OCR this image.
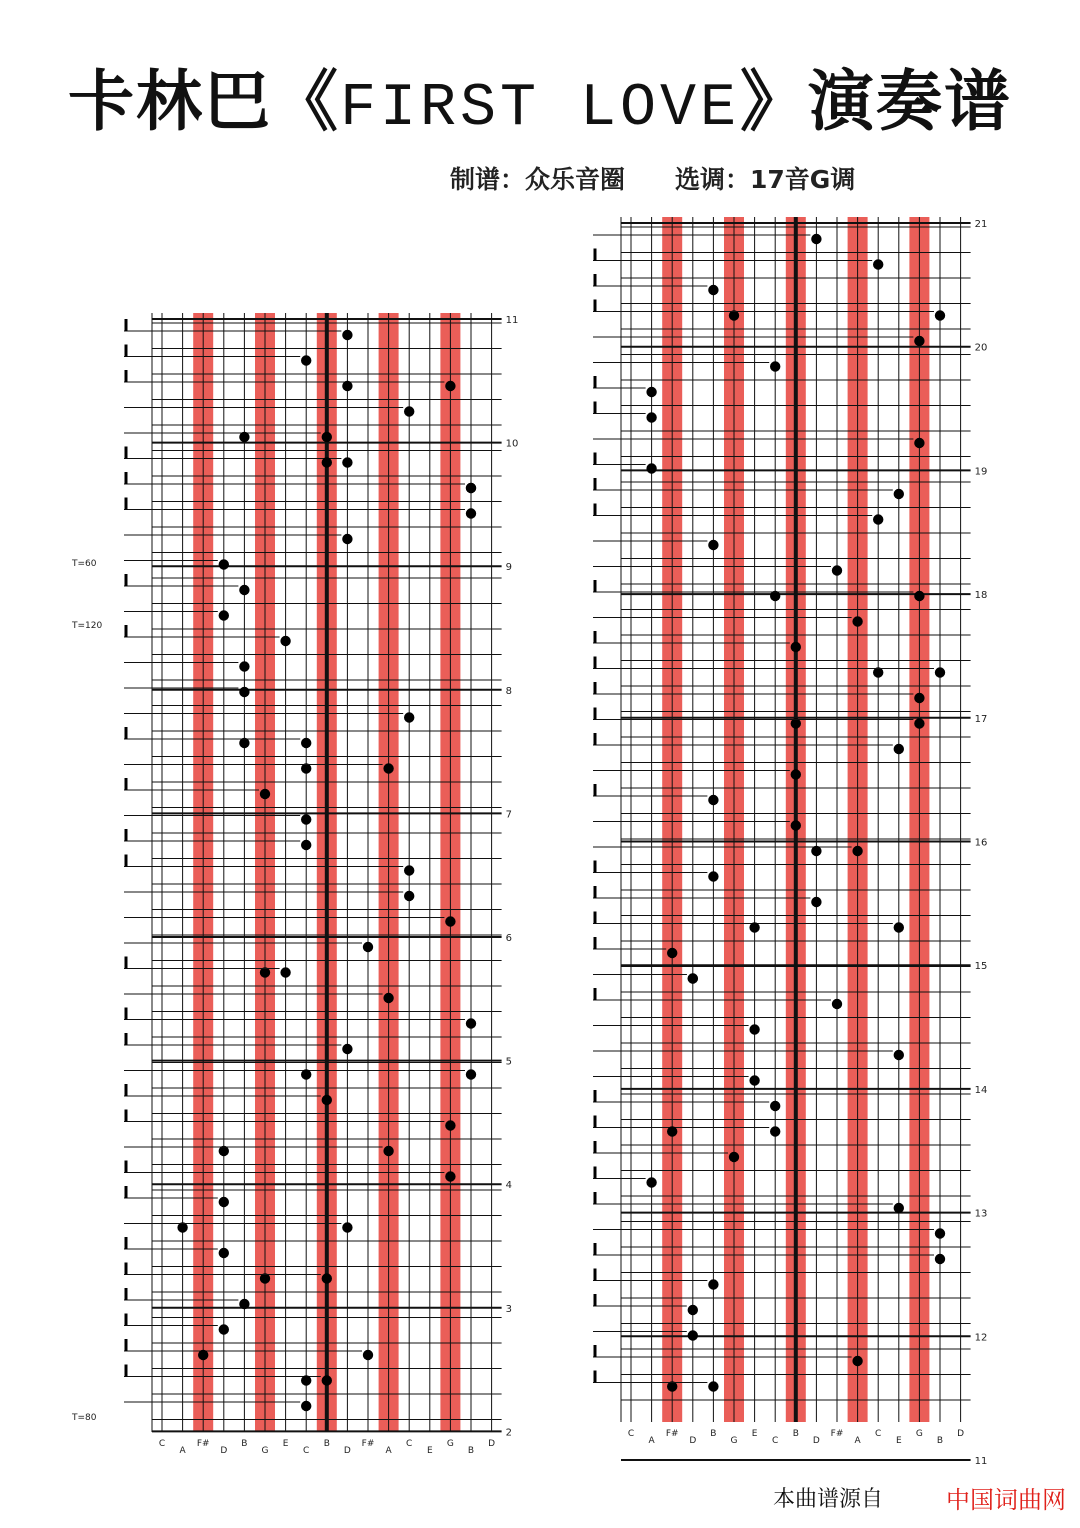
卡林巴《FIRST LOVE》演奏谱
制谱：众乐音圈 选调：17音G调
11
10
9
8
7
6
5
4
3
2
C
A
F#
D
B
G
E
C
B
D
F#
A
C
E
G
B
D
21
20
19
18
17
16
15
14
13
12
11
C
A
F#
D
B
G
E
C
B
D
F#
A
C
E
G
B
D
T=60
T=120
T=80
本曲谱源自	中国词曲网
